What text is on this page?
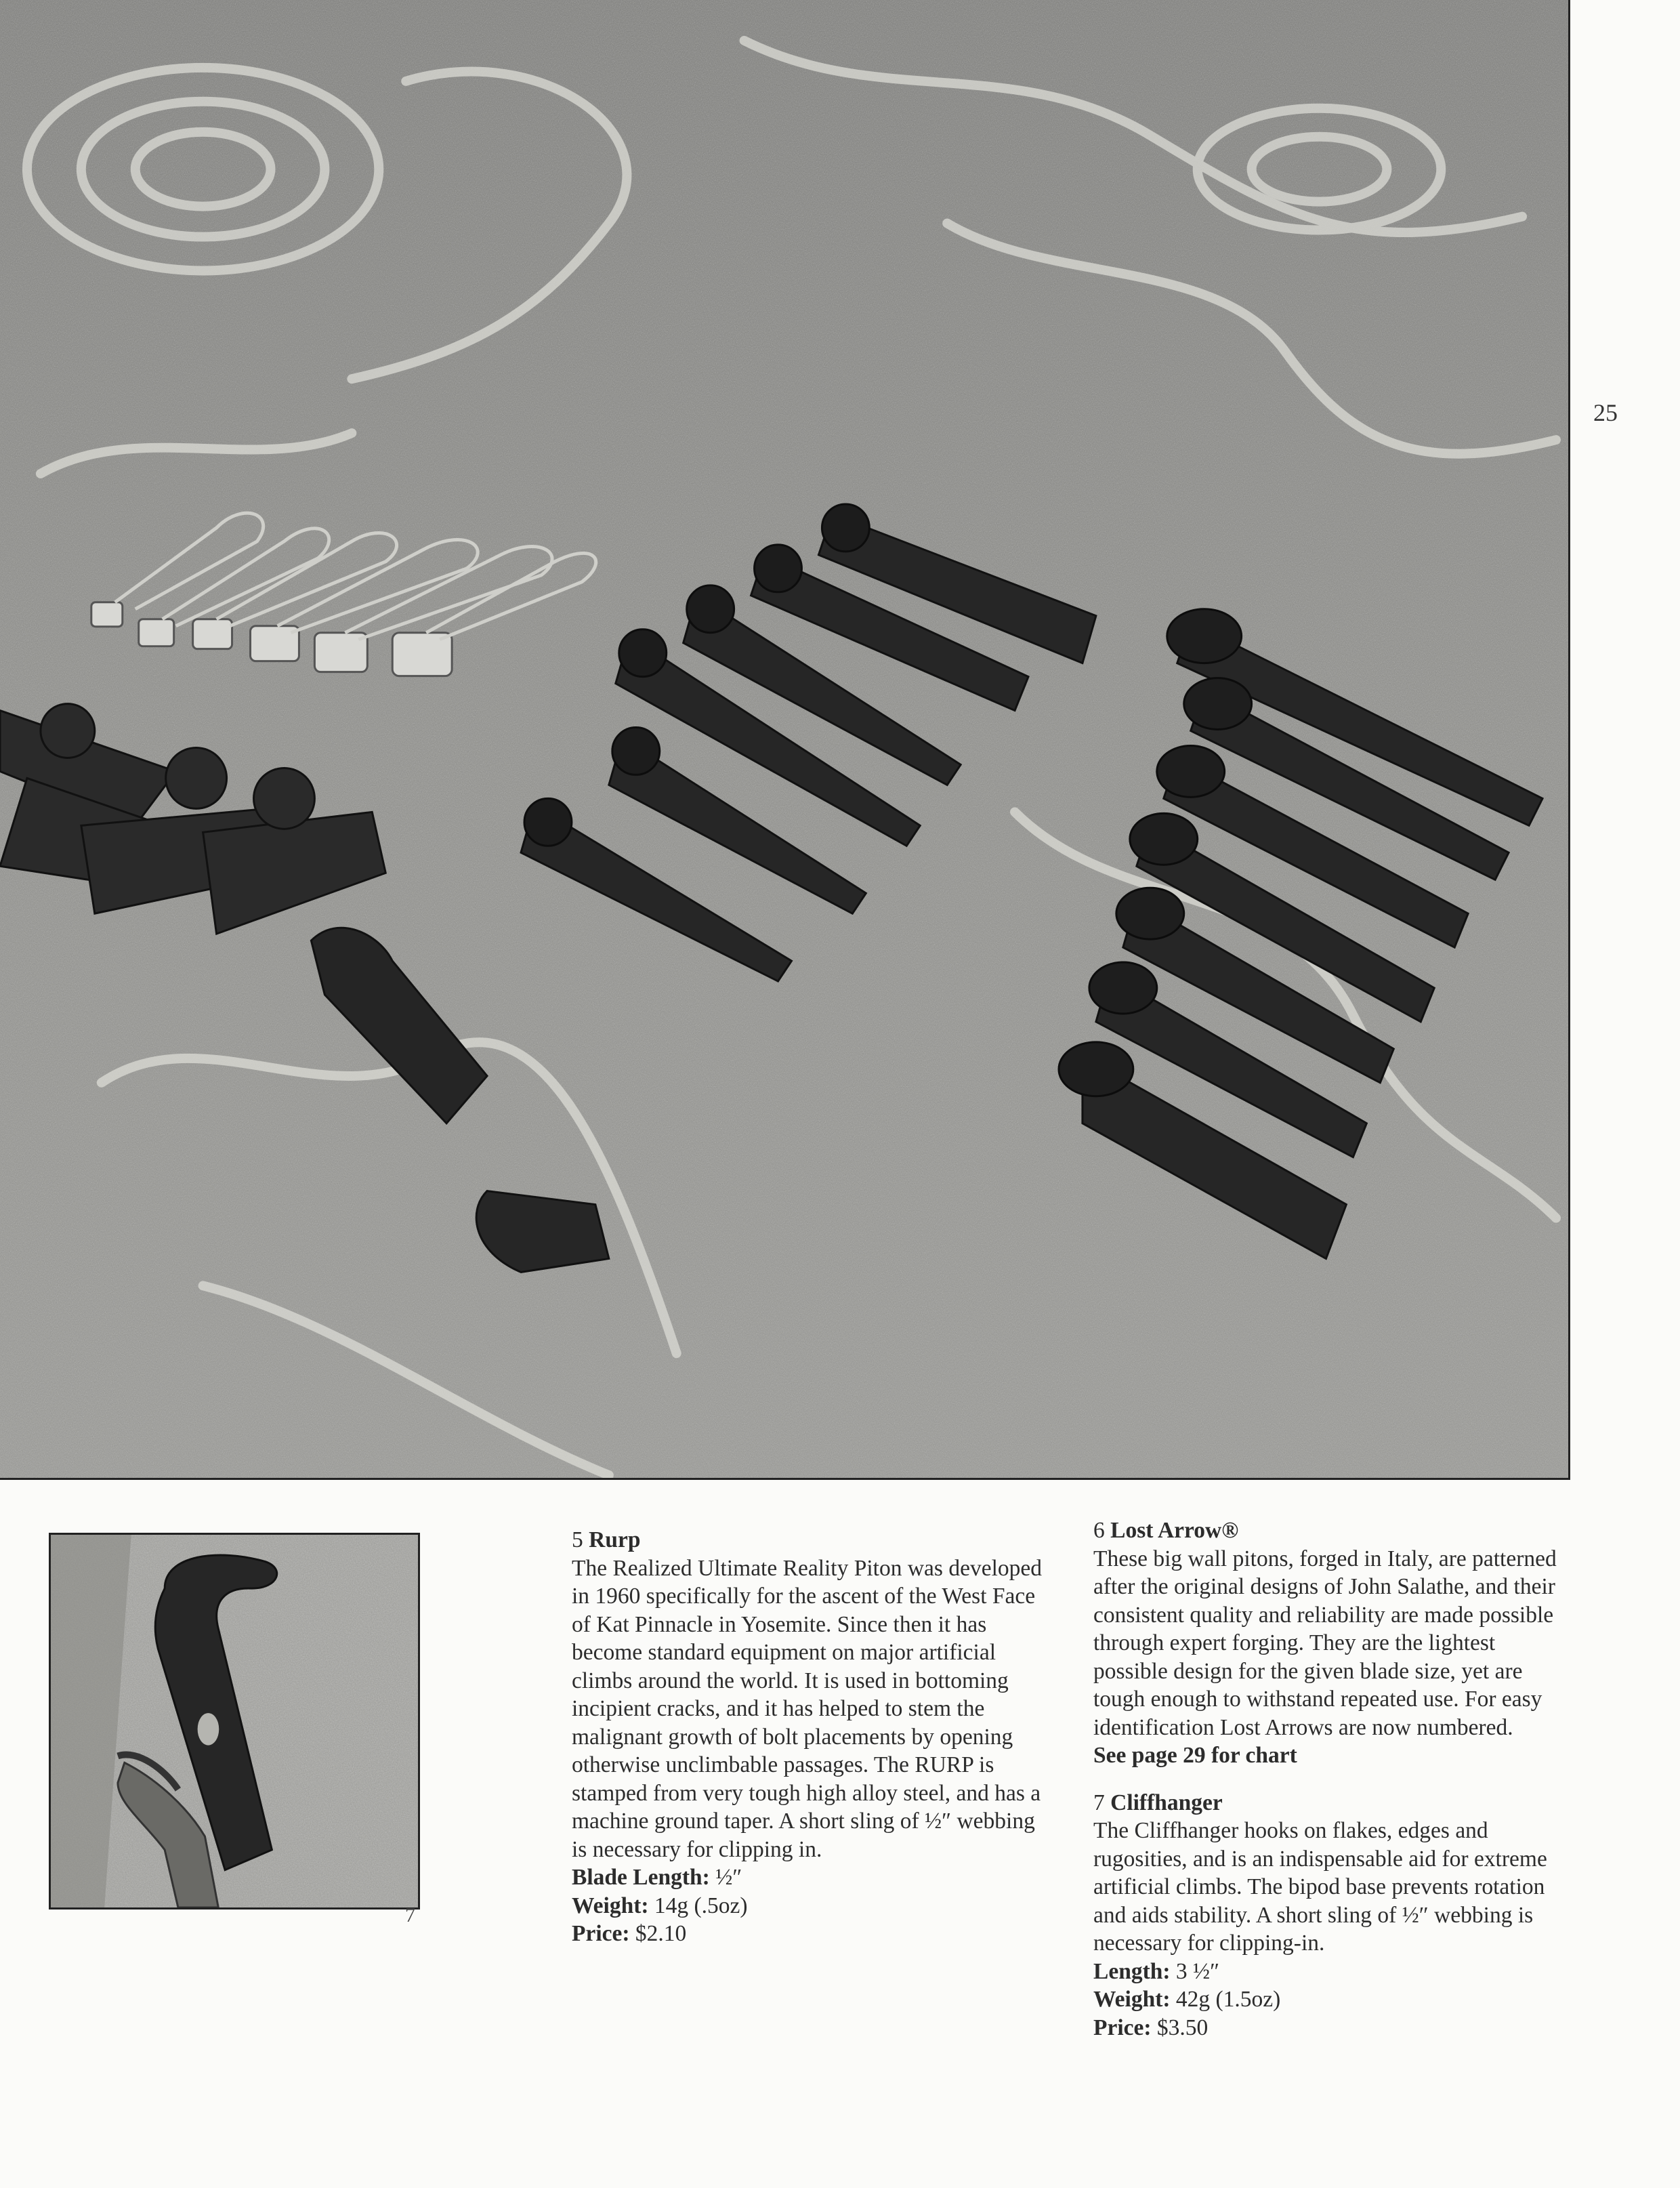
25
7
5 Rurp

The Realized Ultimate Reality Piton was developed in 1960 specifically for the ascent of the West Face of Kat Pinnacle in Yosemite. Since then it has become standard equipment on major artificial climbs around the world. It is used in bottoming incipient cracks, and it has helped to stem the malignant growth of bolt placements by opening otherwise unclimbable passages. The RURP is stamped from very tough high alloy steel, and has a machine ground taper. A short sling of ½″ webbing is necessary for clipping in.

Blade Length: ½″

Weight: 14g (.5oz)

Price: $2.10

6 Lost Arrow®

These big wall pitons, forged in Italy, are patterned after the original designs of John Salathe, and their consistent quality and reliability are made possible through expert forging. They are the lightest possible design for the given blade size, yet are tough enough to withstand repeated use. For easy identification Lost Arrows are now numbered.

See page 29 for chart

7 Cliffhanger

The Cliffhanger hooks on flakes, edges and rugosities, and is an indispensable aid for extreme artificial climbs. The bipod base prevents rotation and aids stability. A short sling of ½″ webbing is necessary for clipping-in.

Length: 3 ½″

Weight: 42g (1.5oz)

Price: $3.50
